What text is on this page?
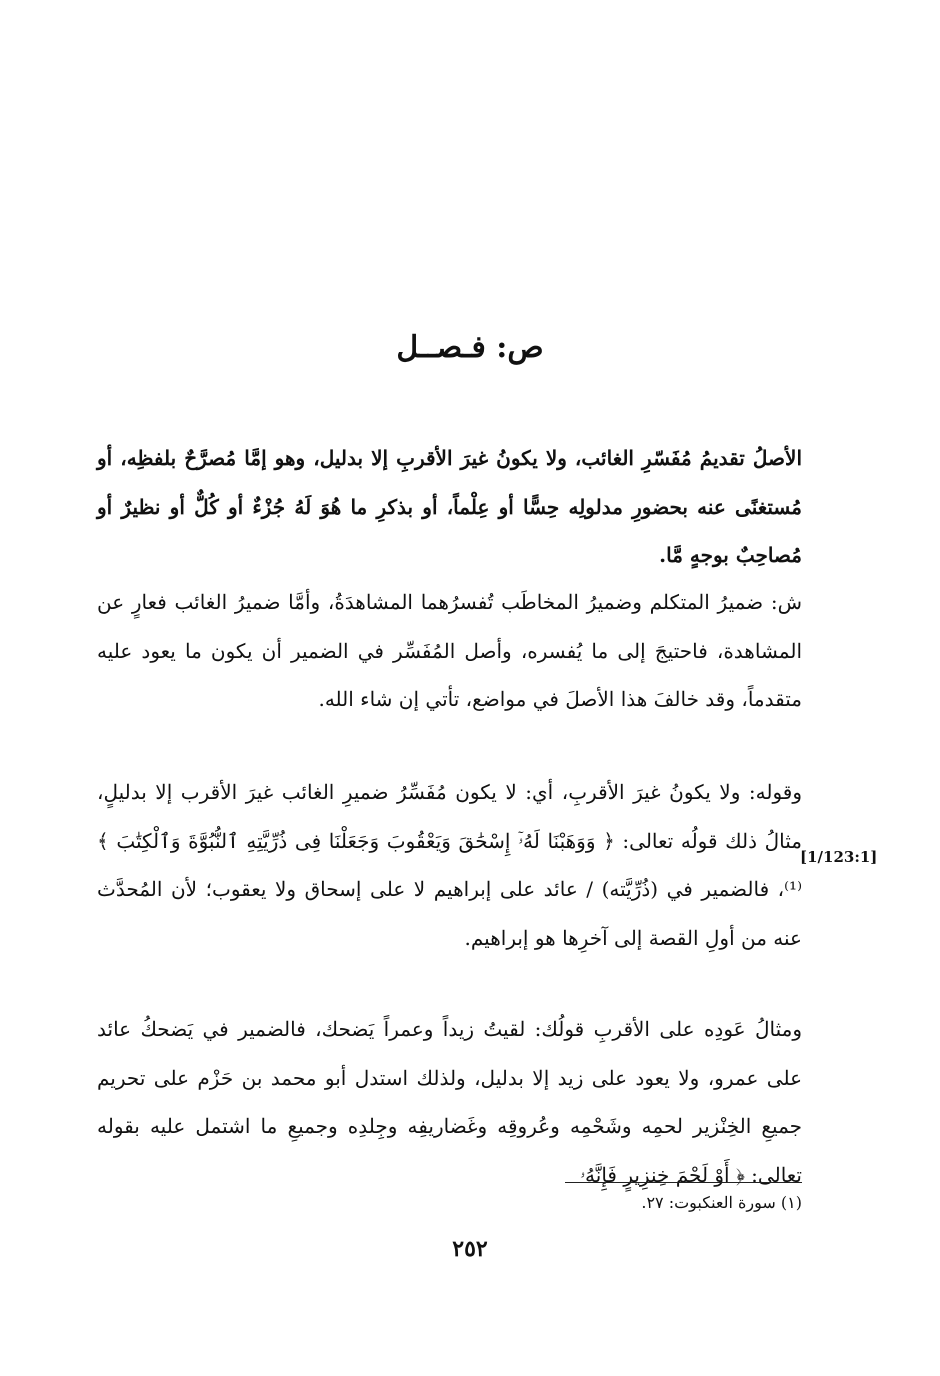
ص: فـصــل

الأصلُ تقديمُ مُفَسّرِ الغائب، ولا يكونُ غيرَ الأقربِ إلا بدليل، وهو إمَّا مُصرَّحٌ بلفظِه، أو مُستغنًى عنه بحضورِ مدلولِه حِسًّا أو عِلْماً، أو بذكرِ ما هُوَ لَهُ جُزْءٌ أو كُلٌّ أو نظيرٌ أو مُصاحِبٌ بوجهٍ مَّا.

ش: ضميرُ المتكلم وضميرُ المخاطَب تُفسرُهما المشاهدَةُ، وأمَّا ضميرُ الغائب فعارٍ عن المشاهدة، فاحتيجَ إلى ما يُفسره، وأصل المُفَسِّر في الضمير أن يكون ما يعود عليه متقدماً، وقد خالفَ هذا الأصلَ في مواضع، تأتي إن شاء الله.

وقوله: ولا يكونُ غيرَ الأقربِ، أي: لا يكون مُفَسِّرُ ضميرِ الغائب غيرَ الأقرب إلا بدليلٍ، مثالُ ذلك قولُه تعالى: ﴿ وَوَهَبْنَا لَهُۥٓ إِسْحَٰقَ وَيَعْقُوبَ وَجَعَلْنَا فِى ذُرِّيَّتِهِ ٱلنُّبُوَّةَ وَٱلْكِتَٰبَ ﴾⁽¹⁾، فالضمير في (ذُرِّيَّته) / عائد على إبراهيم لا على إسحاق ولا يعقوب؛ لأن المُحدَّث عنه من أولِ القصة إلى آخرِها هو إبراهيم.

[1/123:1]

ومثالُ عَودِه على الأقربِ قولُك: لقيتُ زيداً وعمراً يَضحك، فالضمير في يَضحكُ عائد على عمرو، ولا يعود على زيد إلا بدليل، ولذلك استدل أبو محمد بن حَزْم على تحريم جميعِ الخِنْزير لحمِه وشَحْمِه وعُروقِه وغَضاريفِه وجِلدِه وجميعِ ما اشتمل عليه بقوله تعالى: ﴿ أَوْ لَحْمَ خِنزِيرٍ فَإِنَّهُۥ

(١) سورة العنكبوت: ٢٧.
٢٥٢
